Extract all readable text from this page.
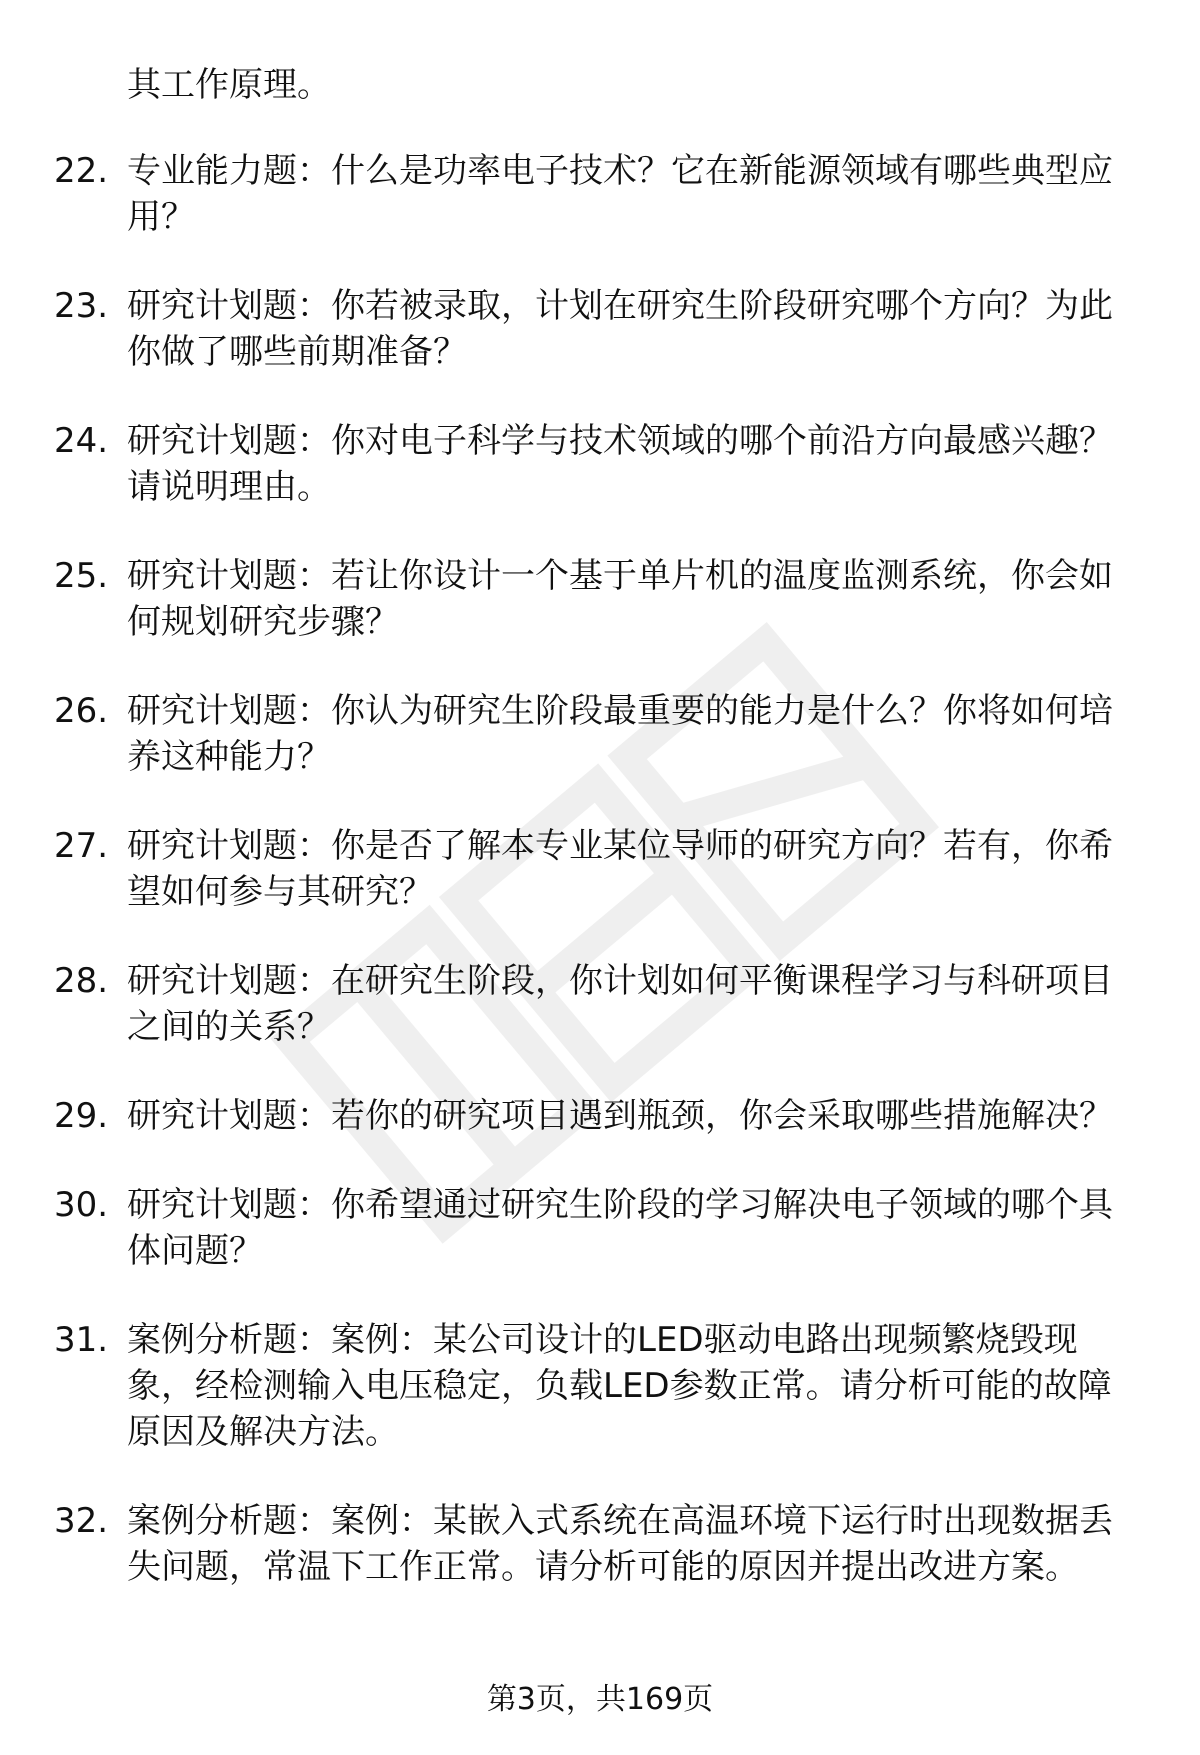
其工作原理。

22. 专业能力题：什么是功率电子技术？它在新能源领域有哪些典型应用？
23. 研究计划题：你若被录取，计划在研究生阶段研究哪个方向？为此你做了哪些前期准备？
24. 研究计划题：你对电子科学与技术领域的哪个前沿方向最感兴趣？请说明理由。
25. 研究计划题：若让你设计一个基于单片机的温度监测系统，你会如何规划研究步骤？
26. 研究计划题：你认为研究生阶段最重要的能力是什么？你将如何培养这种能力？
27. 研究计划题：你是否了解本专业某位导师的研究方向？若有，你希望如何参与其研究？
28. 研究计划题：在研究生阶段，你计划如何平衡课程学习与科研项目之间的关系？
29. 研究计划题：若你的研究项目遇到瓶颈，你会采取哪些措施解决？
30. 研究计划题：你希望通过研究生阶段的学习解决电子领域的哪个具体问题？
31. 案例分析题：案例：某公司设计的LED驱动电路出现频繁烧毁现象，经检测输入电压稳定，负载LED参数正常。请分析可能的故障原因及解决方法。
32. 案例分析题：案例：某嵌入式系统在高温环境下运行时出现数据丢失问题，常温下工作正常。请分析可能的原因并提出改进方案。
第3页，共169页
